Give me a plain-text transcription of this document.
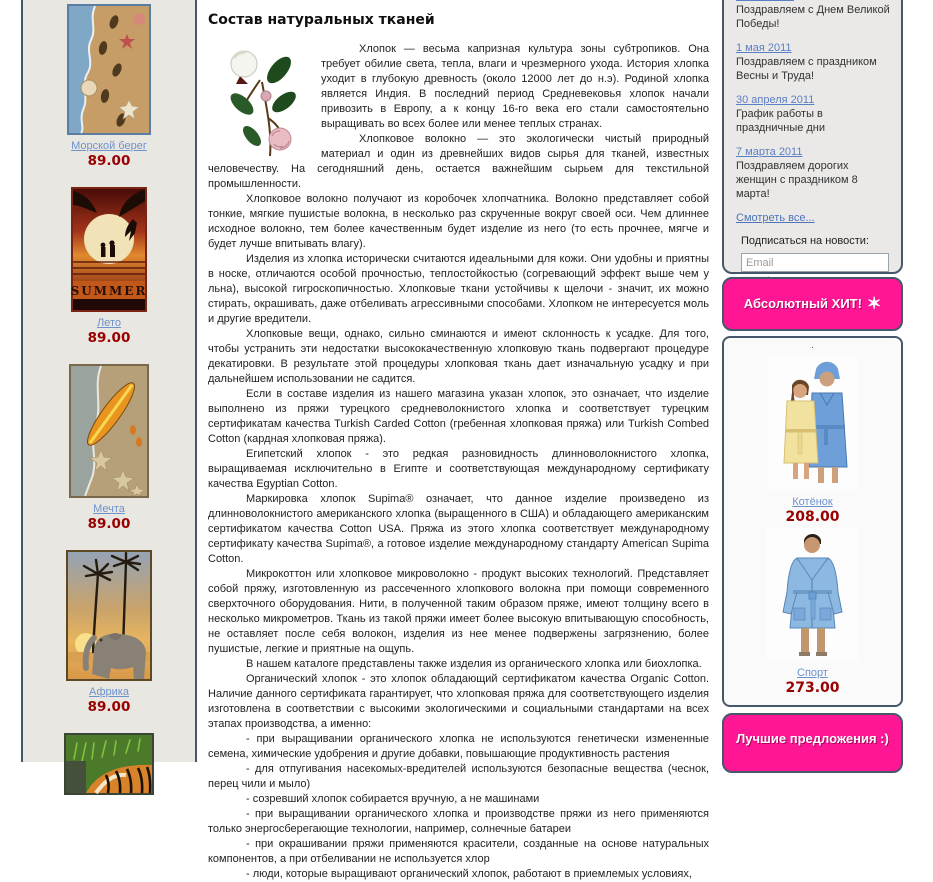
Морской берег
89.00
SUMMER
Лето
89.00
Мечта
89.00
Африка
89.00
Состав натуральных тканей

Хлопок — весьма капризная культура зоны субтропиков. Она требует обилие света, тепла, влаги и чрезмерного ухода. История хлопка уходит в глубокую древность (около 12000 лет до н.э). Родиной хлопка является Индия. В последний период Средневековья хлопок начали привозить в Европу, а к концу 16-го века его стали самостоятельно выращивать во всех более или менее теплых странах.

Хлопковое волокно — это экологически чистый природный материал и один из древнейших видов сырья для тканей, известных человечеству. На сегодняшний день, остается важнейшим сырьем для текстильной промышленности.

Хлопковое волокно получают из коробочек хлопчатника. Волокно представляет собой тонкие, мягкие пушистые волокна, в несколько раз скрученные вокруг своей оси. Чем длиннее исходное волокно, тем более качественным будет изделие из него (то есть прочнее, мягче и будет лучше впитывать влагу).

Изделия из хлопка исторически считаются идеальными для кожи. Они удобны и приятны в носке, отличаются особой прочностью, теплостойкостью (согревающий эффект выше чем у льна), высокой гигроскопичностью. Хлопковые ткани устойчивы к щелочи - значит, их можно стирать, окрашивать, даже отбеливать агрессивными способами. Хлопком не интересуется моль и другие вредители.

Хлопковые вещи, однако, сильно сминаются и имеют склонность к усадке. Для того, чтобы устранить эти недостатки высококачественную хлопковую ткань подвергают процедуре декатировки. В результате этой процедуры хлопковая ткань дает изначальную усадку и при дальнейшем использовании не садится.

Если в составе изделия из нашего магазина указан хлопок, это означает, что изделие выполнено из пряжи турецкого средневолокнистого хлопка и соответствует турецким сертификатам качества Turkish Carded Cotton (гребенная хлопковая пряжа) или Turkish Combed Cotton (кардная хлопковая пряжа).

Египетский хлопок - это редкая разновидность длинноволокнистого хлопка, выращиваемая исключительно в Египте и соответствующая международному сертификату качества Egyptian Cotton.

Маркировка хлопок Supima® означает, что данное изделие произведено из длинноволокнистого американского хлопка (выращенного в США) и обладающего американским сертификатом качества Cotton USA. Пряжа из этого хлопка соответствует международному сертификату качества Supima®, а готовое изделие международному стандарту American Supima Cotton.

Микрокоттон или хлопковое микроволокно - продукт высоких технологий. Представляет собой пряжу, изготовленную из рассеченного хлопкового волокна при помощи современного сверхточного оборудования. Нити, в полученной таким образом пряже, имеют толщину всего в несколько микрометров. Ткань из такой пряжи имеет более высокую впитывающую способность, не оставляет после себя волокон, изделия из нее менее подвержены загрязнению, более пушистые, легкие и приятные на ощупь.

В нашем каталоге представлены также изделия из органического хлопка или биохлопка.

Органический хлопок - это хлопок обладающий сертификатом качества Organic Cotton. Наличие данного сертификата гарантирует, что хлопковая пряжа для соответствующего изделия изготовлена в соответствии с высокими экологическими и социальными стандартами на всех этапах производства, а именно:

- при выращивании органического хлопка не используются генетически измененные семена, химические удобрения и другие добавки, повышающие продуктивность растения

- для отпугивания насекомых-вредителей используются безопасные вещества (чеснок, перец чили и мыло)

- созревший хлопок собирается вручную, а не машинами

- при выращивании органического хлопка и производстве пряжи из него применяются только энергосберегающие технологии, например, солнечные батареи

- при окрашивании пряжи применяются красители, созданные на основе натуральных компонентов, а при отбеливании не используется хлор

- люди, которые выращивают органический хлопок, работают в приемлемых условиях,

Поздравляем с Днем Великой Победы!
1 мая 2011
Поздравляем с праздником Весны и Труда!
30 апреля 2011
График работы в праздничные дни
7 марта 2011
Поздравляем дорогих женщин с праздником 8 марта!
Смотреть все...
Подписаться на новости:
Email
Абсолютный ХИТ! ✶
.
Котёнок
208.00
Спорт
273.00
Лучшие предложения :)
